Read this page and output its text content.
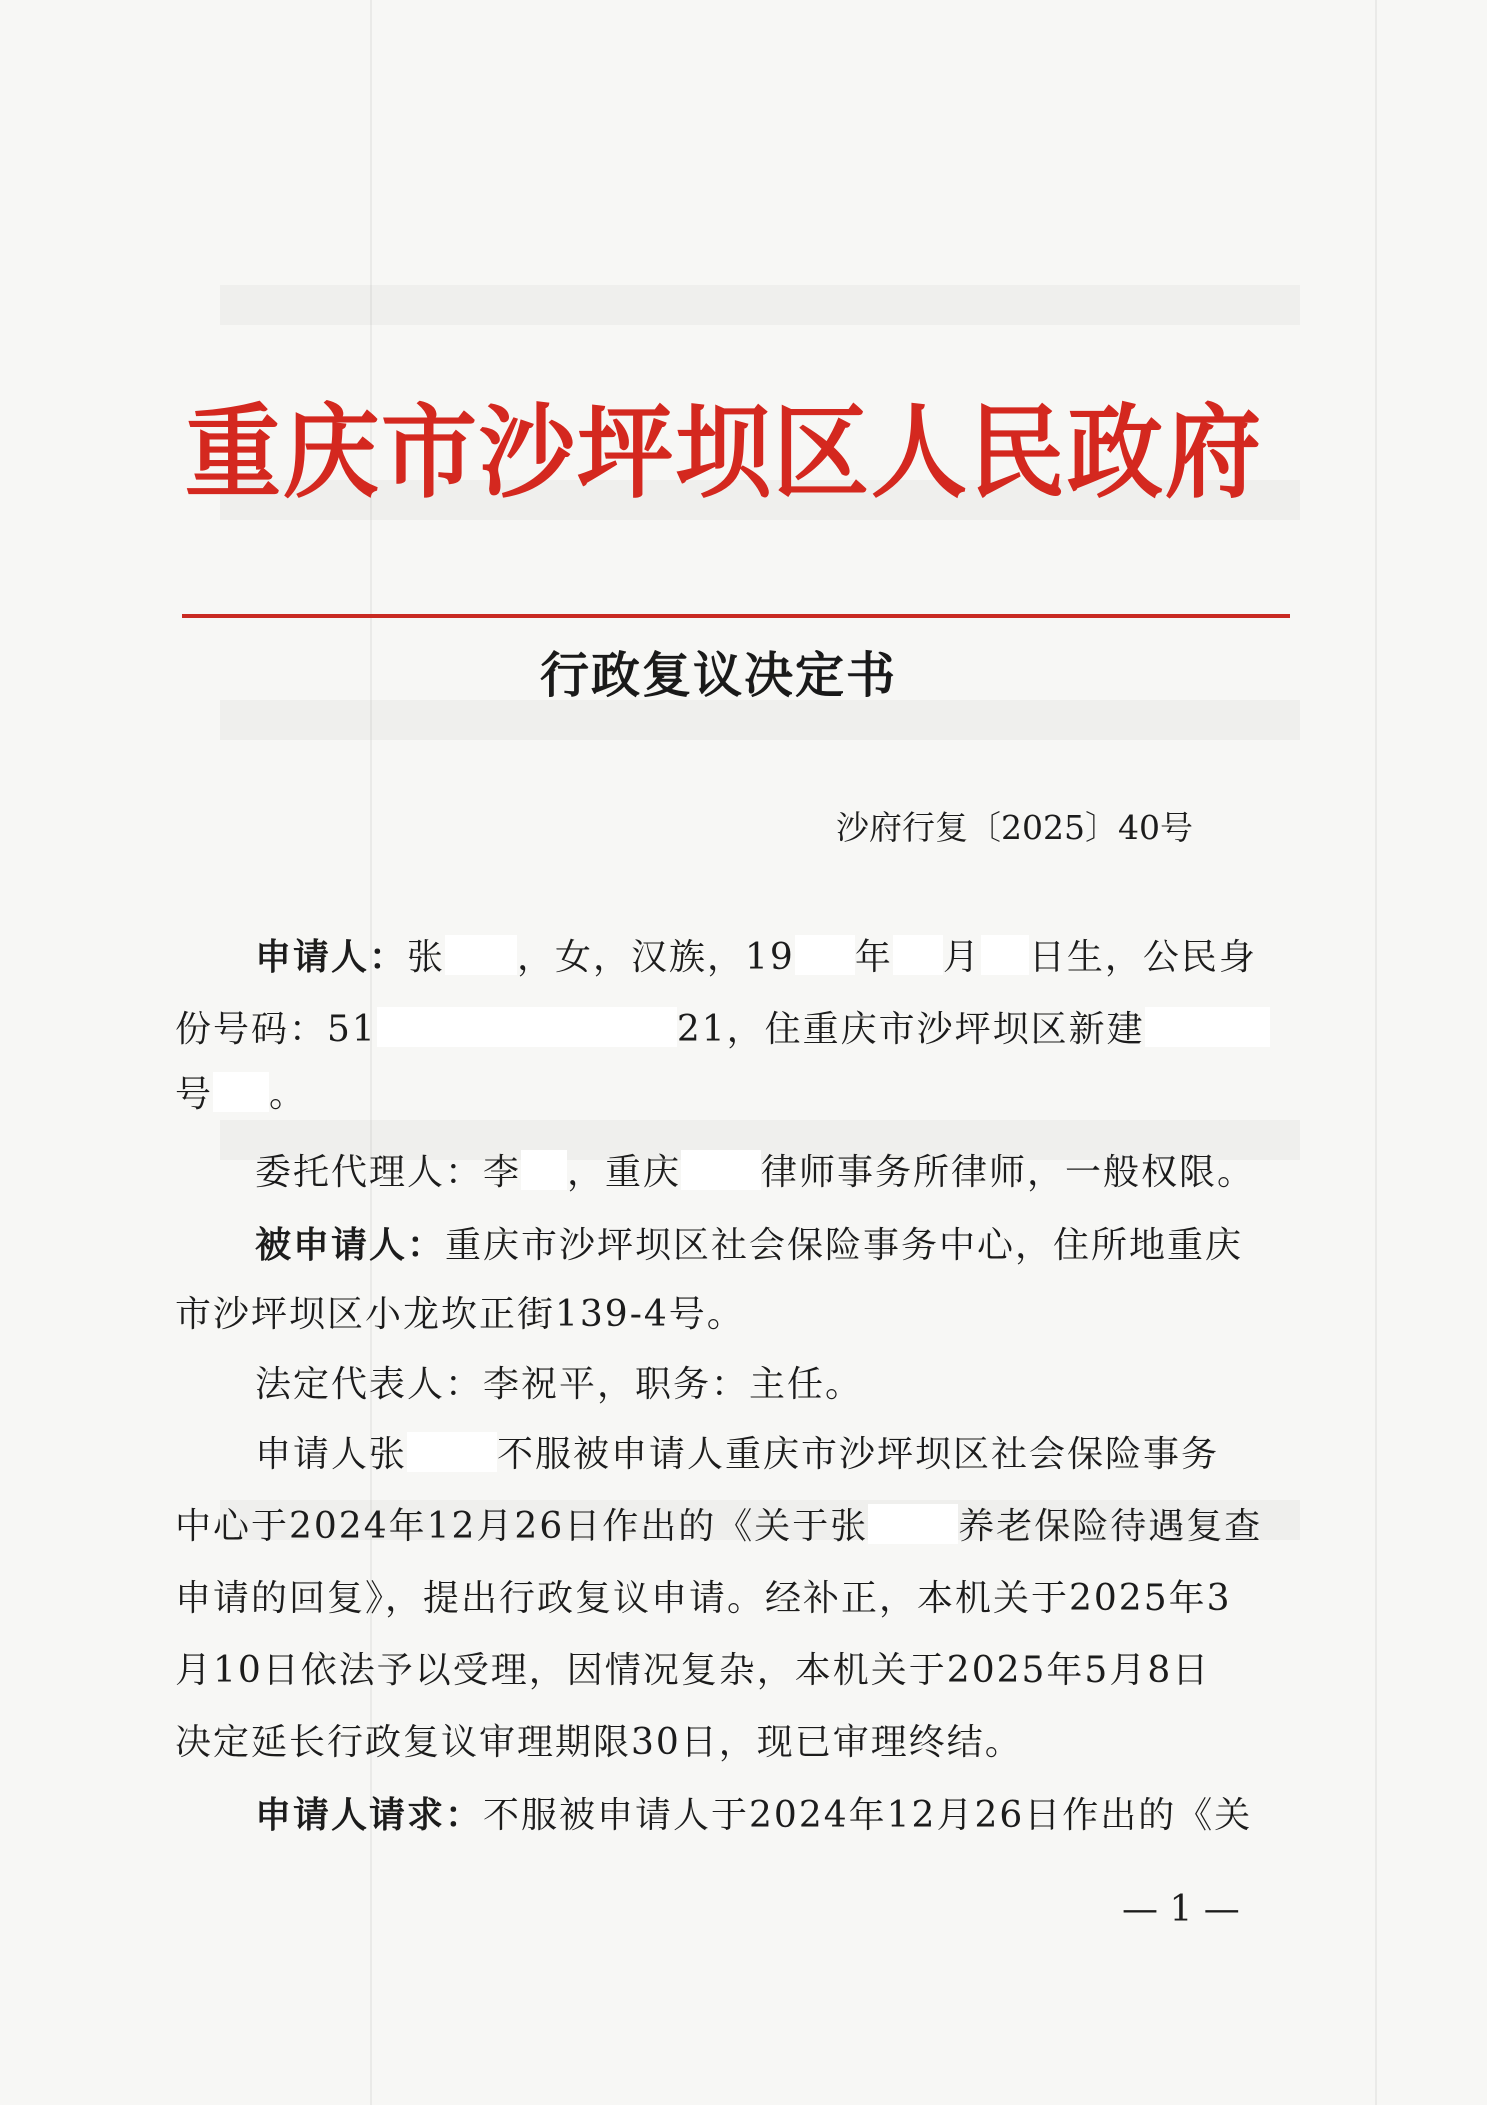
重庆市沙坪坝区人民政府
行政复议决定书
沙府行复〔2025〕40号
申请人：张 ，女，汉族，19 年 月 日生，公民身
份号码：51	21，住重庆市沙坪坝区新建
号 。
委托代理人：李 ，重庆 律师事务所律师，一般权限。
被申请人：重庆市沙坪坝区社会保险事务中心，住所地重庆
市沙坪坝区小龙坎正街139-4号。
法定代表人：李祝平，职务：主任。
申请人张	不服被申请人重庆市沙坪坝区社会保险事务
中心于2024年12月26日作出的《关于张	养老保险待遇复查
申请的回复》，提出行政复议申请。经补正，本机关于2025年3
月10日依法予以受理，因情况复杂，本机关于2025年5月8日
决定延长行政复议审理期限30日，现已审理终结。
申请人请求：不服被申请人于2024年12月26日作出的《关
— 1 —
